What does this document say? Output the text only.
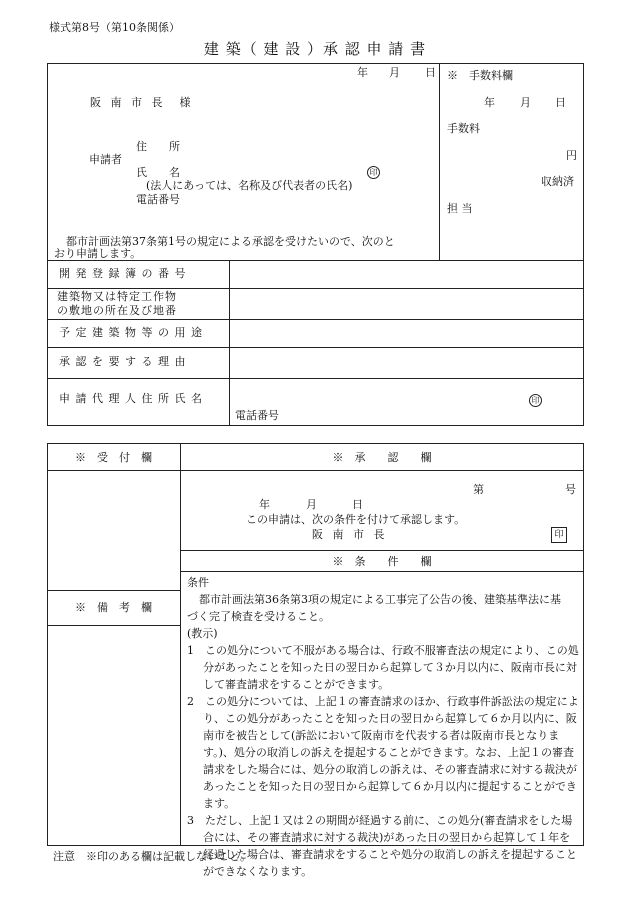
様式第8号（第10条関係）
建 築（ 建 設 ）承 認 申 請 書
年 月 日
阪 南 市 長　様
住　　所
申請者
氏　　名	印
(法人にあっては、名称及び代表者の氏名)
電話番号
都市計画法第37条第1号の規定による承認を受けたいので、次のと
おり申請します。
※　手数料欄
年 月 日
手数料
円
収納済
担 当
開 発 登 録 簿 の 番 号
建築物又は特定工作物
の敷地の所在及び地番
予 定 建 築 物 等 の 用 途
承 認 を 要 す る 理 由
申 請 代 理 人 住 所 氏 名	印
電話番号
※　受　付　欄	※　承　　認　　欄
第	号
年	月	日
この申請は、次の条件を付けて承認します。
阪 南 市 長	印
※　条　　件　　欄
※　備　考　欄

条件

都市計画法第36条第3項の規定による工事完了公告の後、建築基準法に基

づく完了検査を受けること。

(教示)

1　この処分について不服がある場合は、行政不服審査法の規定により、この処分があったことを知った日の翌日から起算して３か月以内に、阪南市長に対して審査請求をすることができます。

2　この処分については、上記１の審査請求のほか、行政事件訴訟法の規定により、この処分があったことを知った日の翌日から起算して６か月以内に、阪南市を被告として(訴訟において阪南市を代表する者は阪南市長となります。)、処分の取消しの訴えを提起することができます。なお、上記１の審査請求をした場合には、処分の取消しの訴えは、その審査請求に対する裁決があったことを知った日の翌日から起算して６か月以内に提起することができます。

3　ただし、上記１又は２の期間が経過する前に、この処分(審査請求をした場合には、その審査請求に対する裁決)があった日の翌日から起算して１年を経過した場合は、審査請求をすることや処分の取消しの訴えを提起することができなくなります。

注意　※印のある欄は記載しないこと。
